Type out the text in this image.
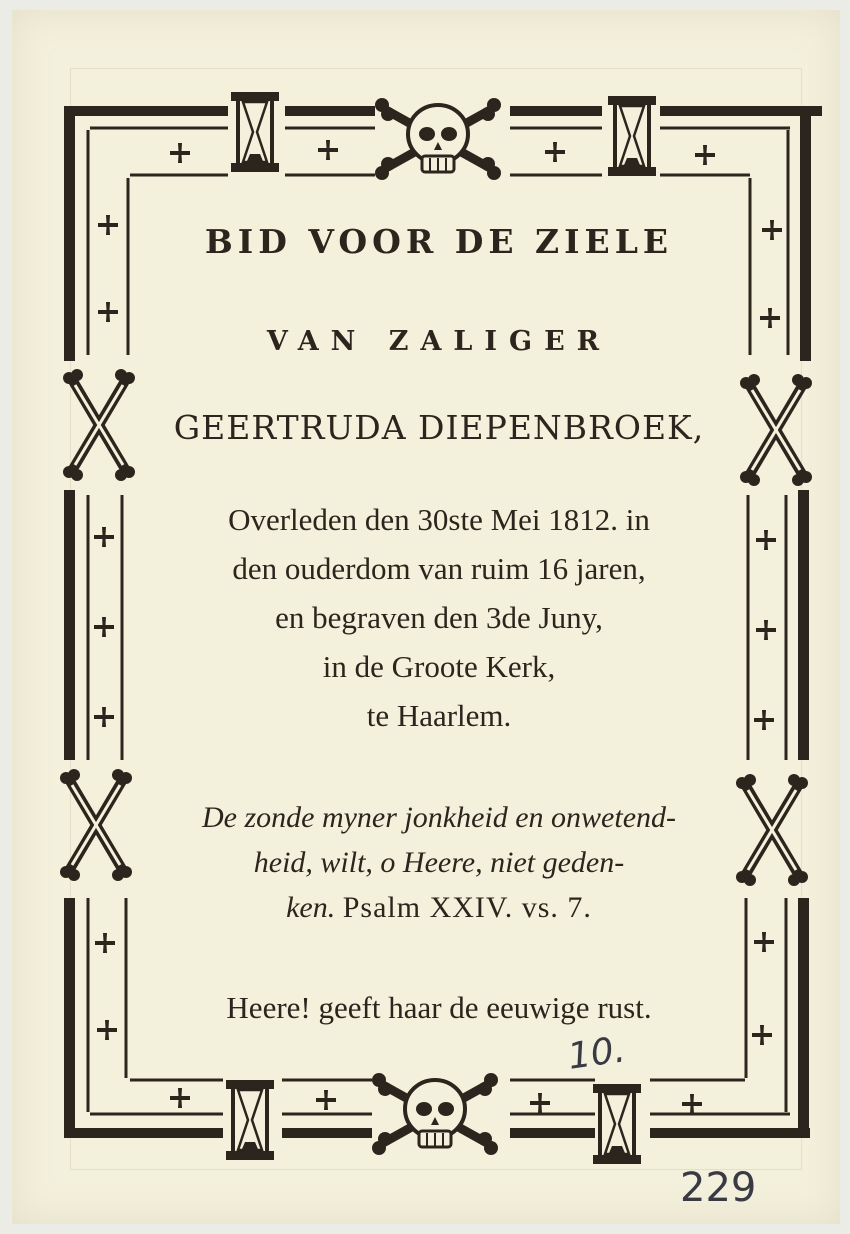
BID VOOR DE ZIELE

VAN ZALIGER

GEERTRUDA DIEPENBROEK,

Overleden den 30ste Mei 1812. in
den ouderdom van ruim 16 jaren,
en begraven den 3de Juny,
in de Groote Kerk,
te Haarlem.
De zonde myner jonkheid en onwetend-
heid, wilt, o Heere, niet geden-
ken. Psalm XXIV. vs. 7.

Heere! geeft haar de eeuwige rust.

10.
229
